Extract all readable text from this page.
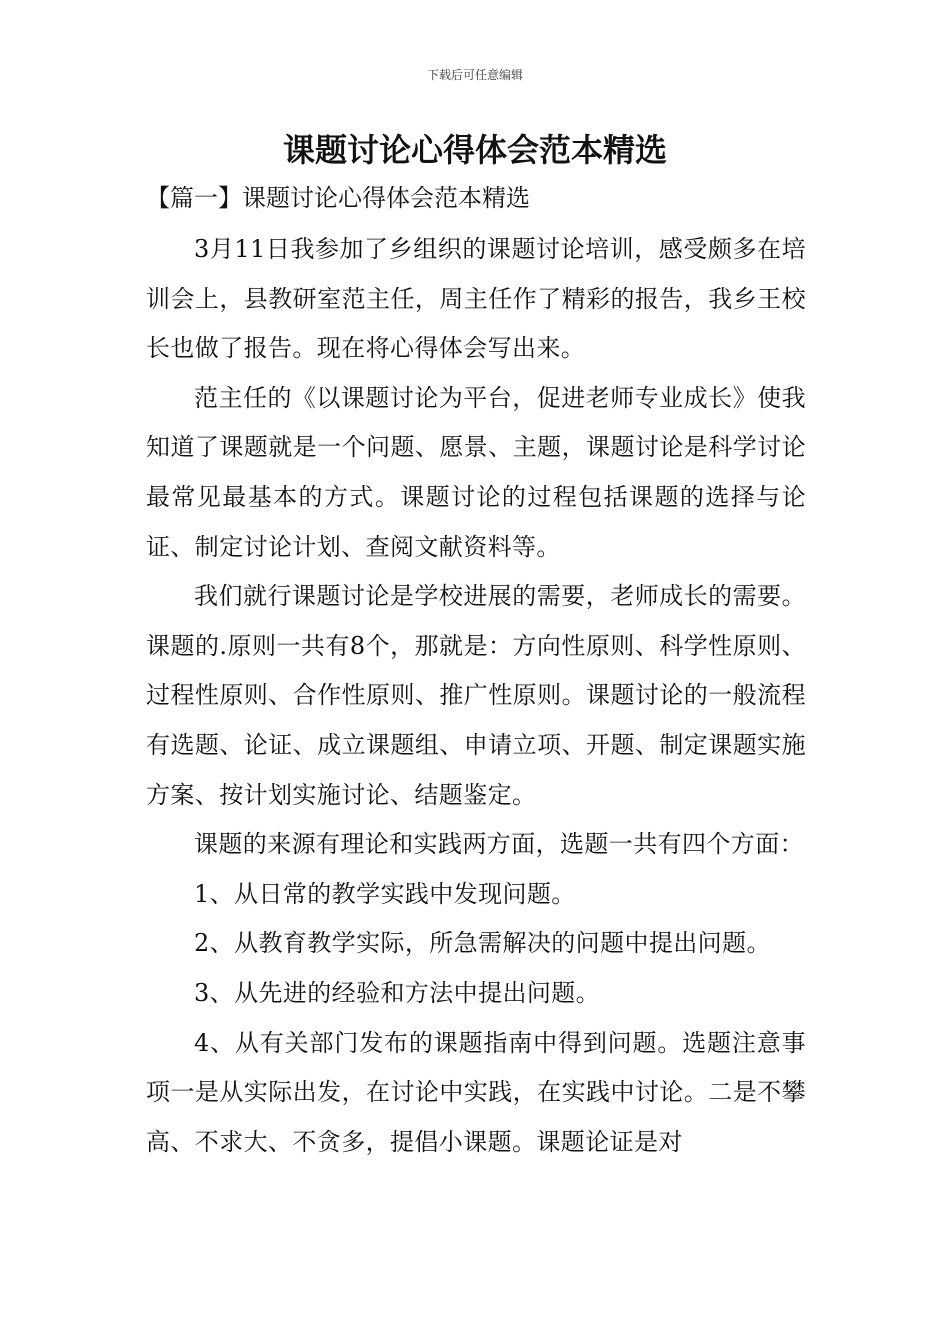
下载后可任意编辑
课题讨论心得体会范本精选
【篇一】课题讨论心得体会范本精选

3月11日我参加了乡组织的课题讨论培训，感受颇多在培训会上，县教研室范主任，周主任作了精彩的报告，我乡王校长也做了报告。现在将心得体会写出来。

范主任的《以课题讨论为平台，促进老师专业成长》使我知道了课题就是一个问题、愿景、主题，课题讨论是科学讨论最常见最基本的方式。课题讨论的过程包括课题的选择与论证、制定讨论计划、查阅文献资料等。

我们就行课题讨论是学校进展的需要，老师成长的需要。课题的.原则一共有8个，那就是：方向性原则、科学性原则、过程性原则、合作性原则、推广性原则。课题讨论的一般流程有选题、论证、成立课题组、申请立项、开题、制定课题实施方案、按计划实施讨论、结题鉴定。

课题的来源有理论和实践两方面，选题一共有四个方面：

1、从日常的教学实践中发现问题。

2、从教育教学实际，所急需解决的问题中提出问题。

3、从先进的经验和方法中提出问题。

4、从有关部门发布的课题指南中得到问题。选题注意事项一是从实际出发，在讨论中实践，在实践中讨论。二是不攀高、不求大、不贪多，提倡小课题。课题论证是对
